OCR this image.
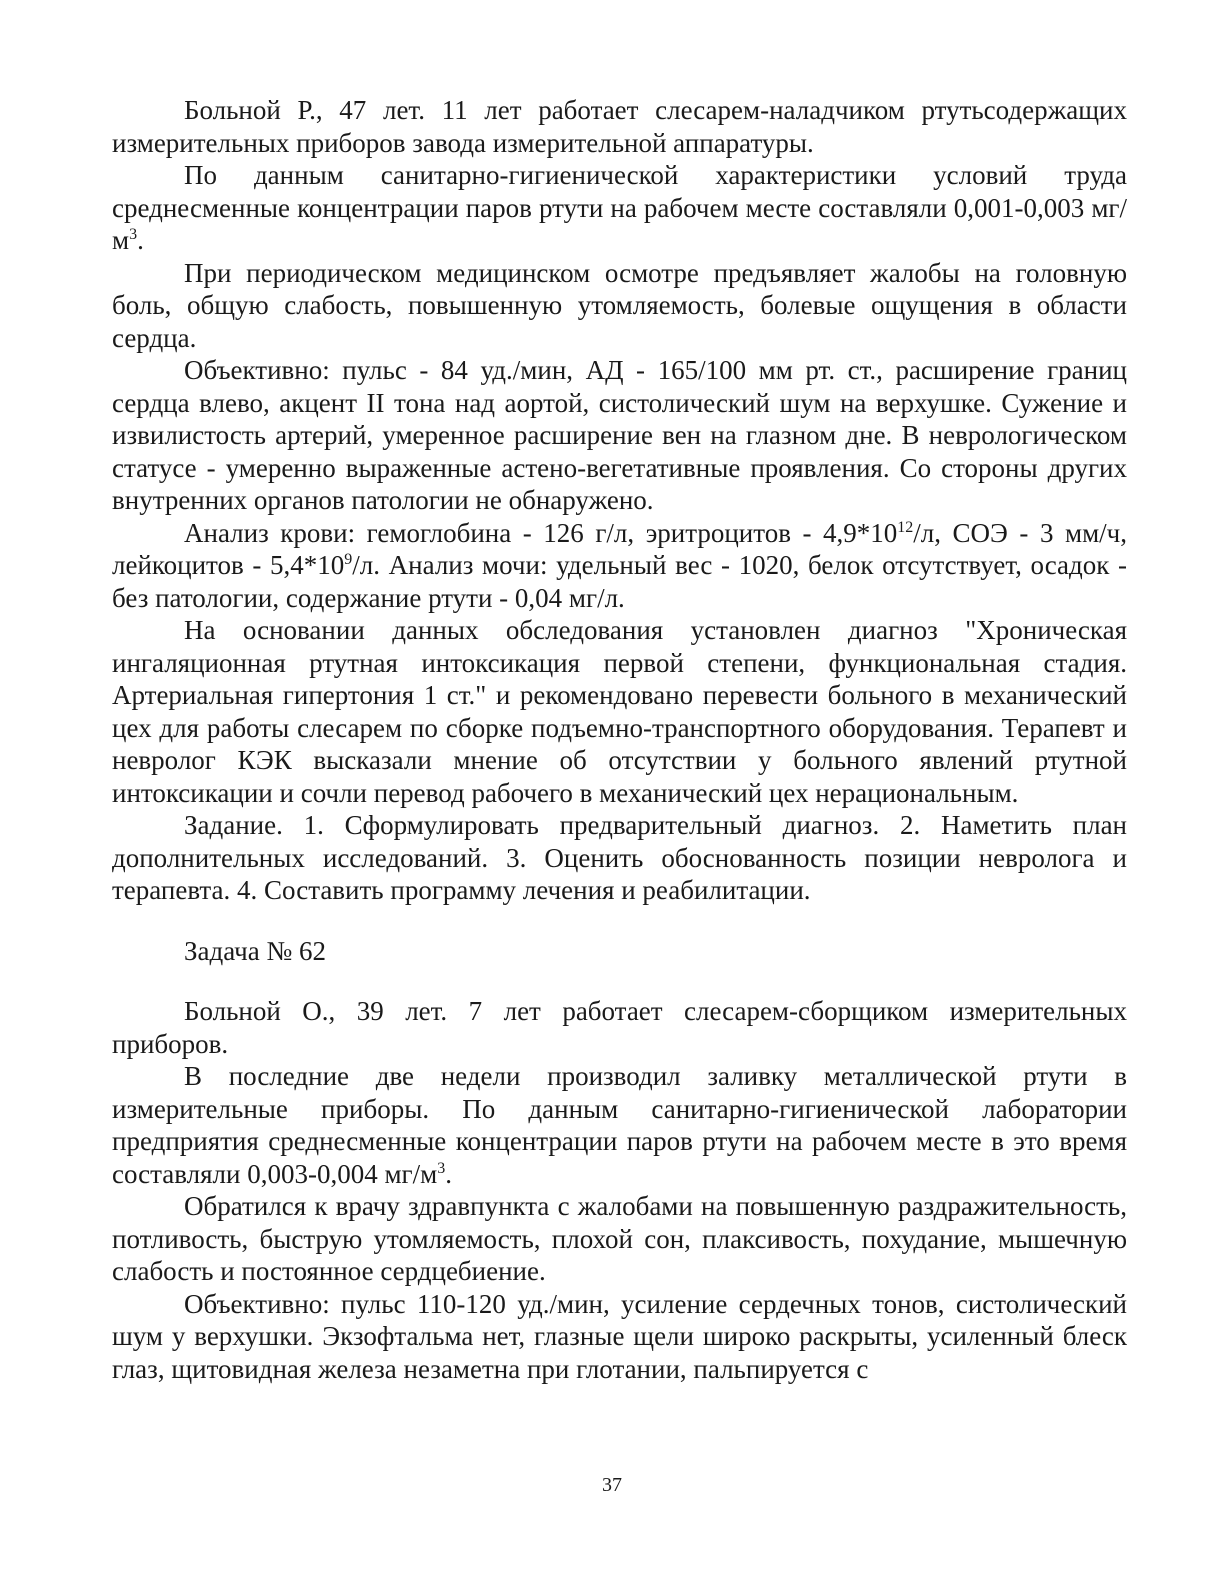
Больной Р., 47 лет. 11 лет работает слесарем-наладчиком ртутьсодержащих измерительных приборов завода измерительной аппаратуры.

По данным санитарно-гигиенической характеристики условий труда среднесменные концентрации паров ртути на рабочем месте составляли 0,001-0,003 $мг/м^3$.

При периодическом медицинском осмотре предъявляет жалобы на головную боль, общую слабость, повышенную утомляемость, болевые ощущения в области сердца.

Объективно: пульс - 84 уд./мин, АД - 165/100 мм рт. ст., расширение границ сердца влево, акцент II тона над аортой, систолический шум на верхушке. Сужение и извилистость артерий, умеренное расширение вен на глазном дне. В неврологическом статусе - умеренно выраженные астено-вегетативные проявления. Со стороны других внутренних органов патологии не обнаружено.

Анализ крови: гемоглобина - 126 г/л, эритроцитов - $4,9*10^{12}/л$, СОЭ - 3 мм/ч, лейкоцитов - $5,4*10^9/л$. Анализ мочи: удельный вес - 1020, белок отсутствует, осадок - без патологии, содержание ртути - 0,04 мг/л.

На основании данных обследования установлен диагноз "Хроническая ингаляционная ртутная интоксикация первой степени, функциональная стадия. Артериальная гипертония 1 ст." и рекомендовано перевести больного в механический цех для работы слесарем по сборке подъемно-транспортного оборудования. Терапевт и невролог КЭК высказали мнение об отсутствии у больного явлений ртутной интоксикации и сочли перевод рабочего в механический цех нерациональным.

Задание. 1. Сформулировать предварительный диагноз. 2. Наметить план дополнительных исследований. 3. Оценить обоснованность позиции невролога и терапевта. 4. Составить программу лечения и реабилитации.

Задача № 62

Больной О., 39 лет. 7 лет работает слесарем-сборщиком измерительных приборов.

В последние две недели производил заливку металлической ртути в измерительные приборы. По данным санитарно-гигиенической лаборатории предприятия среднесменные концентрации паров ртути на рабочем месте в это время составляли 0,003-0,004 $мг/м^3$.

Обратился к врачу здравпункта с жалобами на повышенную раздражительность, потливость, быструю утомляемость, плохой сон, плаксивость, похудание, мышечную слабость и постоянное сердцебиение.

Объективно: пульс 110-120 уд./мин, усиление сердечных тонов, систолический шум у верхушки. Экзофтальма нет, глазные щели широко раскрыты, усиленный блеск глаз, щитовидная железа незаметна при глотании, пальпируется с

37
